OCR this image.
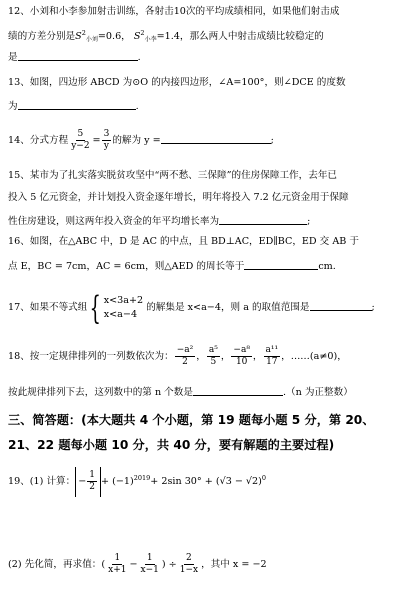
12、小刘和小李参加射击训练，各射击10次的平均成绩相同，如果他们射击成
绩的方差分别是$S^2_{小刘}=0.6$， $S^2_{小李}=1.4$，那么两人中射击成绩比较稳定的
是	.
13、如图，四边形 ABCD 为⊙O 的内接四边形，∠A=100°，则∠DCE 的度数
为	.
14、分式方程 $\frac{5}{y-2} = \frac{3}{y}$ 的解为 y =	;
15、某市为了扎实落实脱贫攻坚中“两不愁、三保障”的住房保障工作，去年已
投入 5 亿元资金，并计划投入资金逐年增长，明年将投入 7.2 亿元资金用于保障
性住房建设，则这两年投入资金的年平均增长率为	;
16、如图，在△ABC 中，D 是 AC 的中点，且 BD⊥AC，ED∥BC，ED 交 AB 于
点 E，BC = 7cm，AC = 6cm，则△AED 的周长等于	cm.
17、如果不等式组{ x<3a+2
x<a−4
的解集是 x<a−4，则 a 的取值范围是	;
18、按一定规律排列的一列数依次为： $\frac{\text{−a²}}{2}$ ， $\frac{\text{a⁵}}{5}$ ， $\frac{\text{−a⁸}}{10}$ ， $\frac{\text{a¹¹}}{17}$ ，……(a≠0)，
按此规律排列下去，这列数中的第 n 个数是	.（n 为正整数）
三、简答题：(本大题共 4 个小题，第 19 题每小题 5 分，第 20、
21、22 题每小题 10 分，共 40 分，要有解题的主要过程)
19、(1) 计算： − $\frac{1}{2} + (-1)^{2019}+ 2\sin$ $30^\circ + (√3 - √2)^0$
(2) 先化简，再求值：( $\frac{1}{x+1} - \frac{1}{x-1}$ ) ÷ $\frac{2}{1-x}$ ，其中 x = −2
